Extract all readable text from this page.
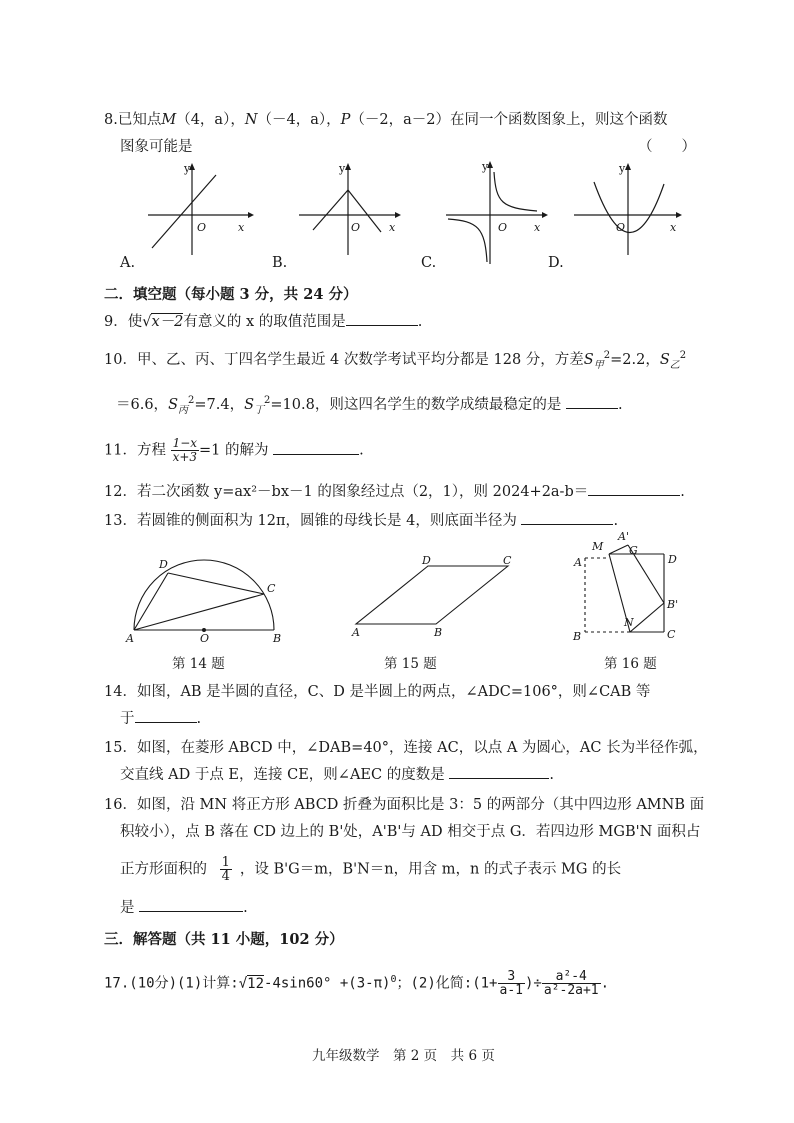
8.已知点M（4，a），N（－4，a），P（－2，a－2）在同一个函数图象上，则这个函数
图象可能是	（　　）
y
x
O
A.
y
x
O
B.
y
x
O
C.
y
x
O
D.
二．填空题（每小题 3 分，共 24 分）
9．使√x－2有意义的 x 的取值范围是	.
10．甲、乙、丙、丁四名学生最近 4 次数学考试平均分都是 128 分，方差$S_甲^2=2.2$，$S_乙^2$
＝6.6，$S_丙^2=7.4$，$S_丁^2=10.8$，则这四名学生的数学成绩最稳定的是	.
11．方程 $\frac{1-x}{x+3} =1$ 的解为	.
12．若二次函数 y=ax²－bx－1 的图象经过点（2，1），则 2024+2a-b＝	.
13．若圆锥的侧面积为 12π，圆锥的母线长是 4，则底面半径为	.
D
C
A	O	B
第 14 题
D	C
A	B
第 15 题
M
A'
G
D
A
B'
B
N
C
第 16 题
14．如图，AB 是半圆的直径，C、D 是半圆上的两点，∠ADC=106°，则∠CAB 等
于	.
15．如图，在菱形 ABCD 中，∠DAB=40°，连接 AC，以点 A 为圆心，AC 长为半径作弧，
交直线 AD 于点 E，连接 CE，则∠AEC 的度数是	.
16．如图，沿 MN 将正方形 ABCD 折叠为面积比是 3：5 的两部分（其中四边形 AMNB 面
积较小），点 B 落在 CD 边上的 B'处，A'B'与 AD 相交于点 G．若四边形 MGB'N 面积占
正方形面积的 $\frac{1}{4}$ ，设 B'G＝m，B'N＝n，用含 m，n 的式子表示 MG 的长
是	.
三．解答题（共 11 小题，102 分）
17.(10分)(1)计算:√12-4sin60° $+(3-\pi)^0$；(2)化简:(1+ $\frac{3}{a-1}$ )÷ $\frac{\text{a²-4}}{\text{a²-2a+1}}$ .
九年级数学　第 2 页　共 6 页
